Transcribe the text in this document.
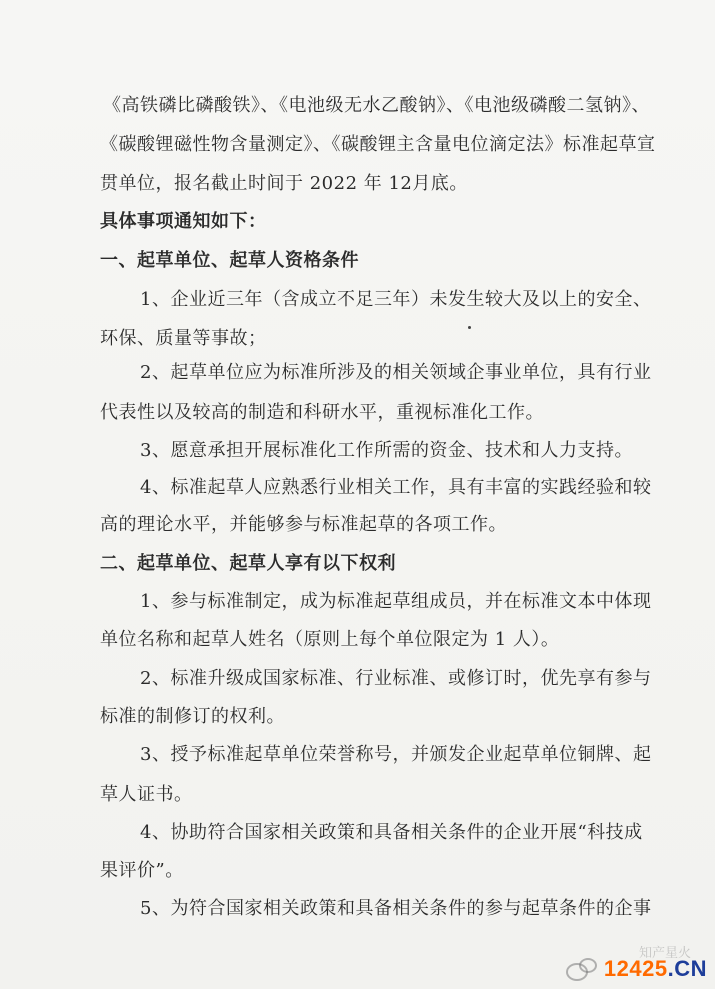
《高铁磷比磷酸铁》、《电池级无水乙酸钠》、《电池级磷酸二氢钠》、
《碳酸锂磁性物含量测定》、《碳酸锂主含量电位滴定法》标准起草宣
贯单位，报名截止时间于 2022 年 12月底。
具体事项通知如下：
一、起草单位、起草人资格条件
1、企业近三年（含成立不足三年）未发生较大及以上的安全、
环保、质量等事故；
2、起草单位应为标准所涉及的相关领域企事业单位，具有行业
代表性以及较高的制造和科研水平，重视标准化工作。
3、愿意承担开展标准化工作所需的资金、技术和人力支持。
4、标准起草人应熟悉行业相关工作，具有丰富的实践经验和较
高的理论水平，并能够参与标准起草的各项工作。
二、起草单位、起草人享有以下权利
1、参与标准制定，成为标准起草组成员，并在标准文本中体现
单位名称和起草人姓名（原则上每个单位限定为 1 人）。
2、标准升级成国家标准、行业标准、或修订时，优先享有参与
标准的制修订的权利。
3、授予标准起草单位荣誉称号，并颁发企业起草单位铜牌、起
草人证书。
4、协助符合国家相关政策和具备相关条件的企业开展“科技成
果评价”。
5、为符合国家相关政策和具备相关条件的参与起草条件的企事
知产星火
12425.CN
